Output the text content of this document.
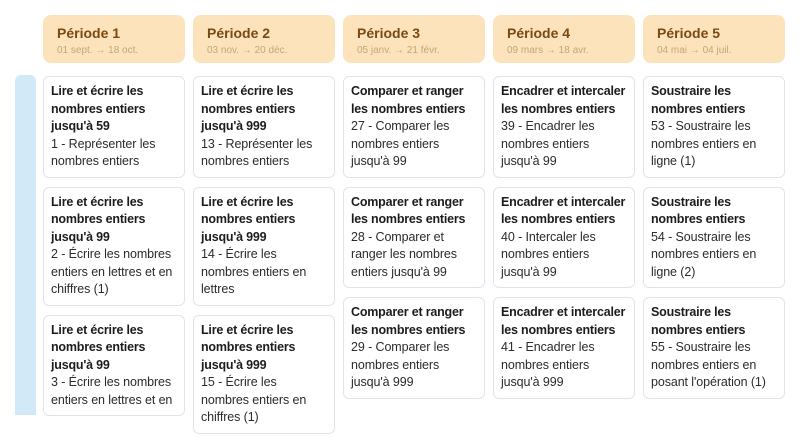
Période 1
01 sept. → 18 oct.
Lire et écrire les nombres entiers jusqu'à 59
1 - Représenter les nombres entiers
Lire et écrire les nombres entiers jusqu'à 99
2 - Écrire les nombres entiers en lettres et en chiffres (1)
Lire et écrire les nombres entiers jusqu'à 99
3 - Écrire les nombres entiers en lettres et en
Période 2
03 nov. → 20 déc.
Lire et écrire les nombres entiers jusqu'à 999
13 - Représenter les nombres entiers
Lire et écrire les nombres entiers jusqu'à 999
14 - Écrire les nombres entiers en lettres
Lire et écrire les nombres entiers jusqu'à 999
15 - Écrire les nombres entiers en chiffres (1)
Période 3
05 janv. → 21 févr.
Comparer et ranger les nombres entiers
27 - Comparer les nombres entiers jusqu'à 99
Comparer et ranger les nombres entiers
28 - Comparer et ranger les nombres entiers jusqu'à 99
Comparer et ranger les nombres entiers
29 - Comparer les nombres entiers jusqu'à 999
Période 4
09 mars → 18 avr.
Encadrer et intercaler les nombres entiers
39 - Encadrer les nombres entiers jusqu'à 99
Encadrer et intercaler les nombres entiers
40 - Intercaler les nombres entiers jusqu'à 99
Encadrer et intercaler les nombres entiers
41 - Encadrer les nombres entiers jusqu'à 999
Période 5
04 mai → 04 juil.
Soustraire les nombres entiers
53 - Soustraire les nombres entiers en ligne (1)
Soustraire les nombres entiers
54 - Soustraire les nombres entiers en ligne (2)
Soustraire les nombres entiers
55 - Soustraire les nombres entiers en posant l'opération (1)
